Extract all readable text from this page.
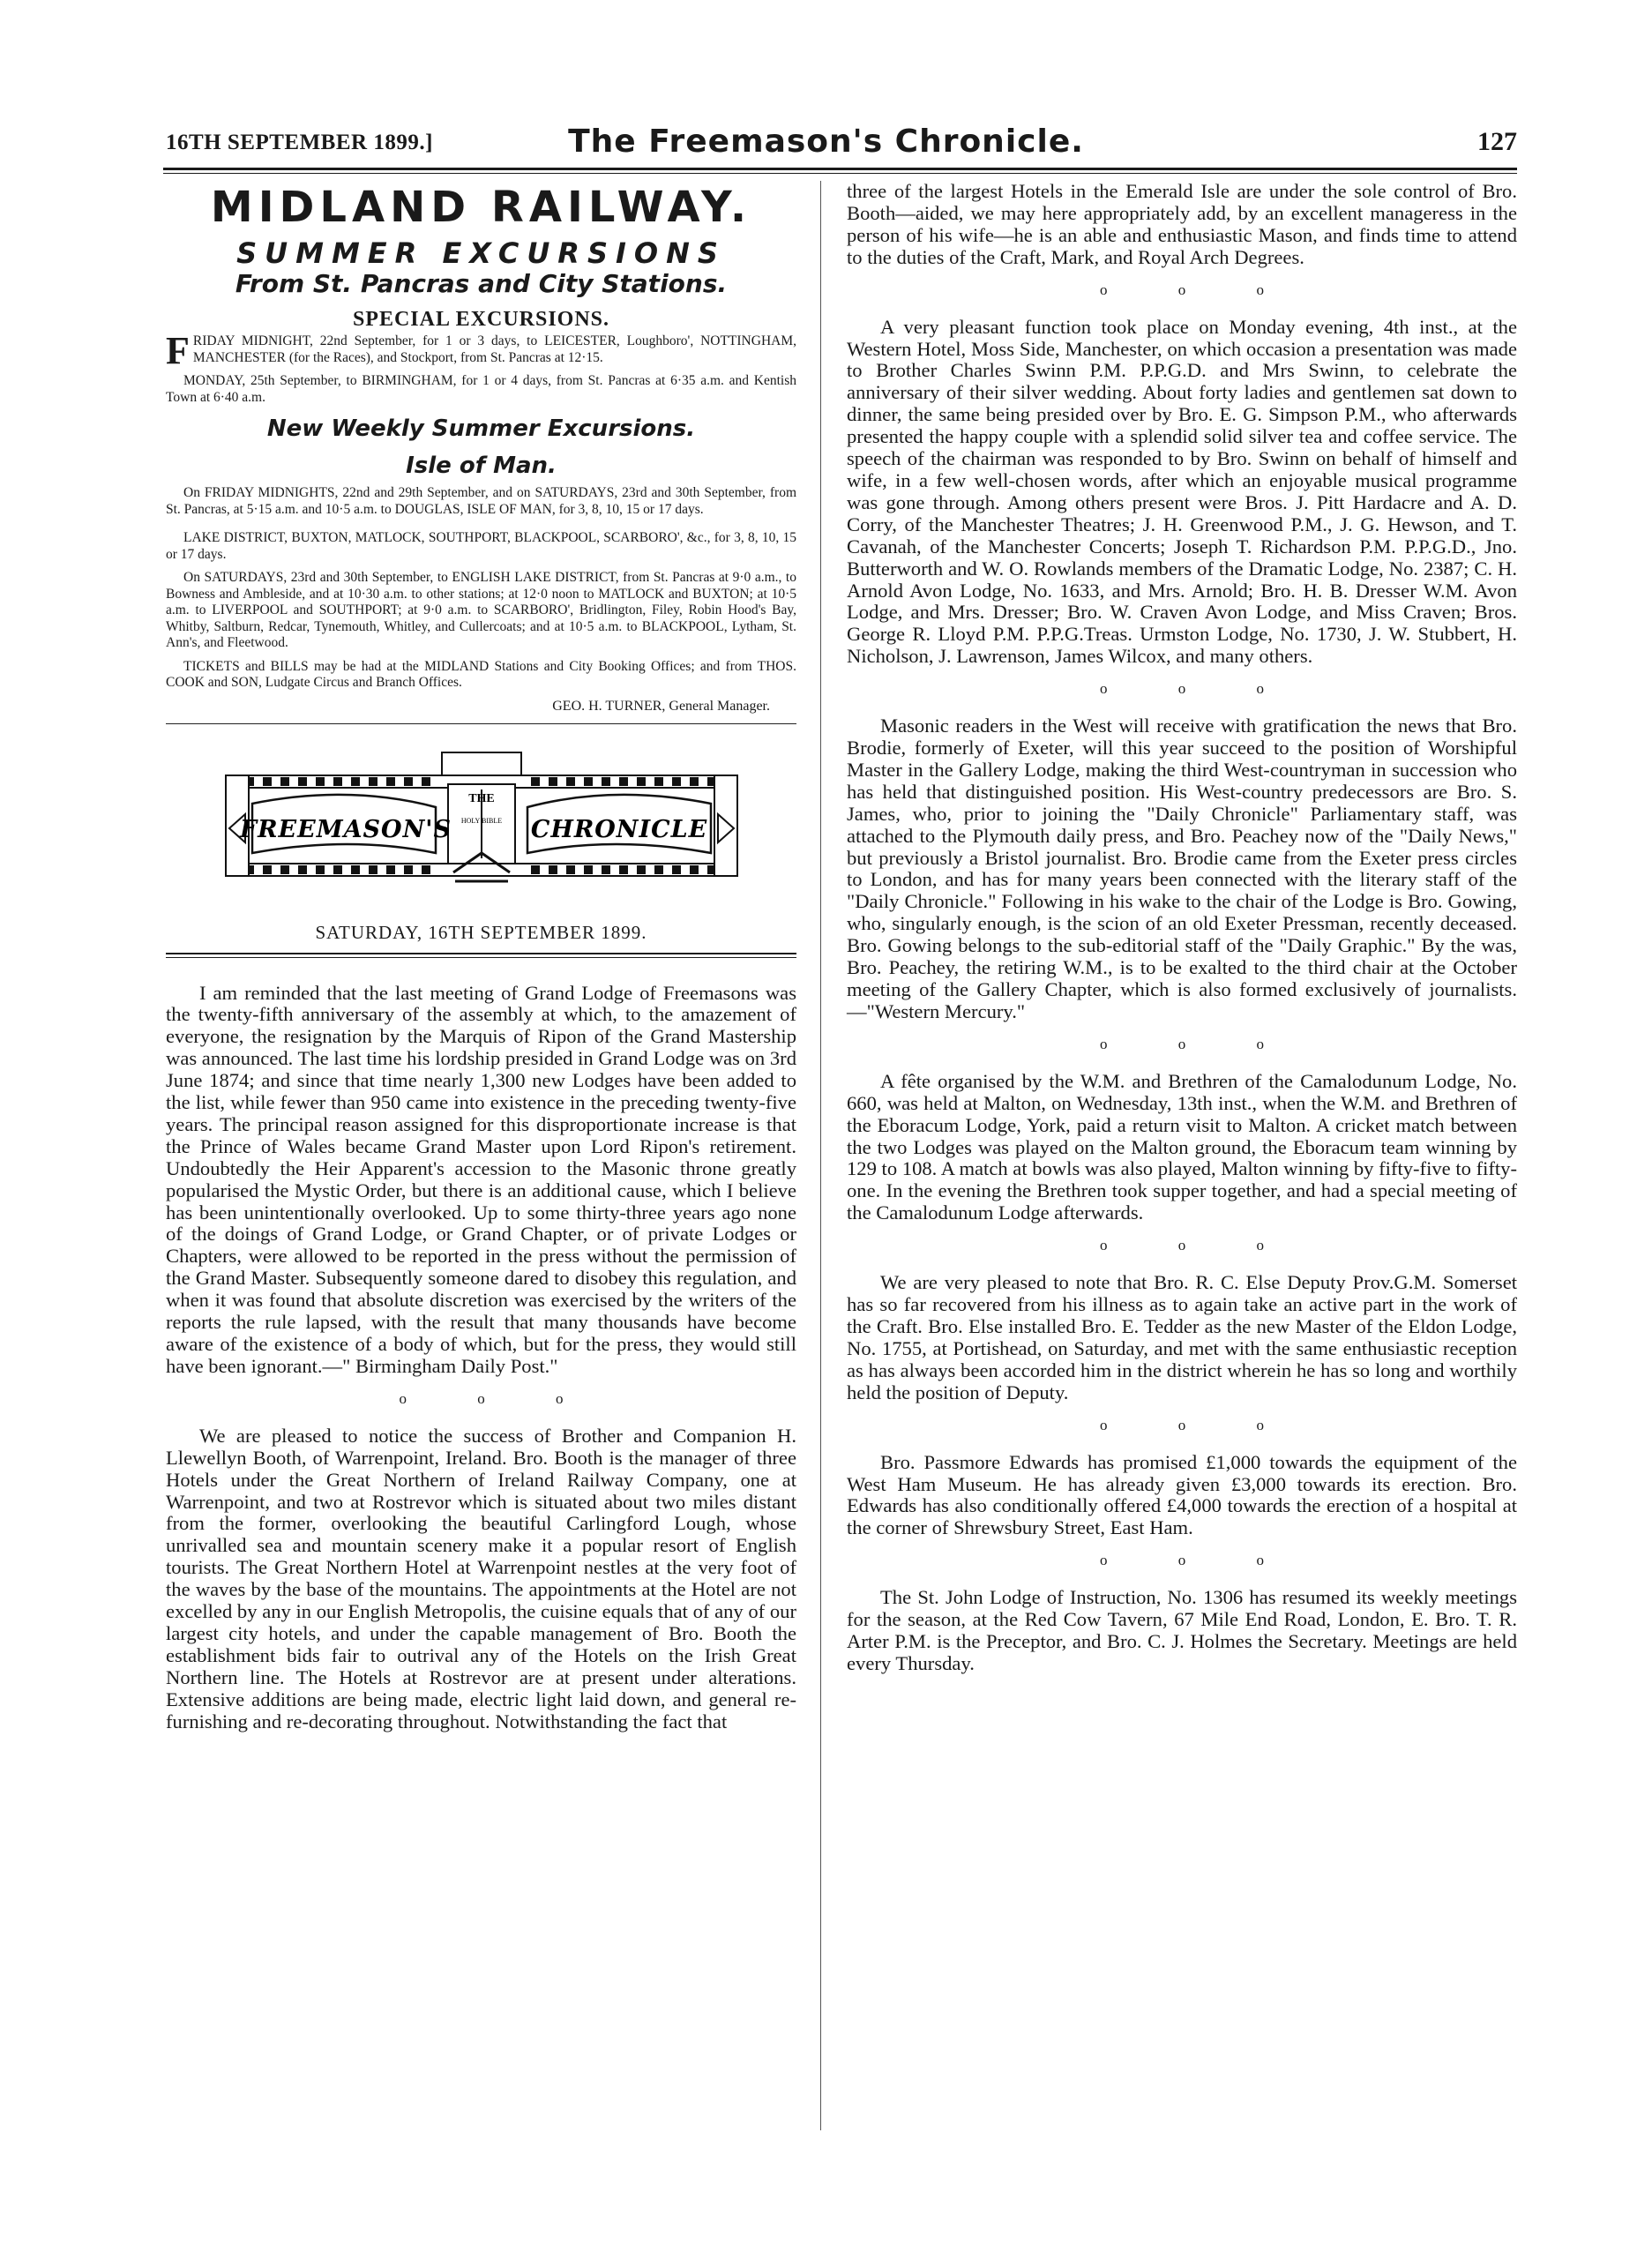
16TH SEPTEMBER 1899.]	The Freemason's Chronicle.	127
MIDLAND RAILWAY.
SUMMER EXCURSIONS
From St. Pancras and City Stations.
SPECIAL EXCURSIONS.

FRIDAY MIDNIGHT, 22nd September, for 1 or 3 days, to LEICESTER, Loughboro', NOTTINGHAM, MANCHESTER (for the Races), and Stockport, from St. Pancras at 12·15.

MONDAY, 25th September, to BIRMINGHAM, for 1 or 4 days, from St. Pancras at 6·35 a.m. and Kentish Town at 6·40 a.m.

New Weekly Summer Excursions.
Isle of Man.

On FRIDAY MIDNIGHTS, 22nd and 29th September, and on SATURDAYS, 23rd and 30th September, from St. Pancras, at 5·15 a.m. and 10·5 a.m. to DOUGLAS, ISLE OF MAN, for 3, 8, 10, 15 or 17 days.

LAKE DISTRICT, BUXTON, MATLOCK, SOUTHPORT, BLACKPOOL, SCARBORO', &c., for 3, 8, 10, 15 or 17 days.

On SATURDAYS, 23rd and 30th September, to ENGLISH LAKE DISTRICT, from St. Pancras at 9·0 a.m., to Bowness and Ambleside, and at 10·30 a.m. to other stations; at 12·0 noon to MATLOCK and BUXTON; at 10·5 a.m. to LIVERPOOL and SOUTHPORT; at 9·0 a.m. to SCARBORO', Bridlington, Filey, Robin Hood's Bay, Whitby, Saltburn, Redcar, Tynemouth, Whitley, and Cullercoats; and at 10·5 a.m. to BLACKPOOL, Lytham, St. Ann's, and Fleetwood.

TICKETS and BILLS may be had at the MIDLAND Stations and City Booking Offices; and from THOS. COOK and SON, Ludgate Circus and Branch Offices.

GEO. H. TURNER, General Manager.
THE
HOLY BIBLE
FREEMASON'S	CHRONICLE
SATURDAY, 16TH SEPTEMBER 1899.

I am reminded that the last meeting of Grand Lodge of Freemasons was the twenty-fifth anniversary of the assembly at which, to the amazement of everyone, the resignation by the Marquis of Ripon of the Grand Mastership was announced. The last time his lordship presided in Grand Lodge was on 3rd June 1874; and since that time nearly 1,300 new Lodges have been added to the list, while fewer than 950 came into existence in the preceding twenty-five years. The principal reason assigned for this disproportionate increase is that the Prince of Wales became Grand Master upon Lord Ripon's retirement. Undoubtedly the Heir Apparent's accession to the Masonic throne greatly popularised the Mystic Order, but there is an additional cause, which I believe has been unintentionally overlooked. Up to some thirty-three years ago none of the doings of Grand Lodge, or Grand Chapter, or of private Lodges or Chapters, were allowed to be reported in the press without the permission of the Grand Master. Subsequently someone dared to disobey this regulation, and when it was found that absolute discretion was exercised by the writers of the reports the rule lapsed, with the result that many thousands have become aware of the existence of a body of which, but for the press, they would still have been ignorant.—" Birmingham Daily Post."

o o o

We are pleased to notice the success of Brother and Companion H. Llewellyn Booth, of Warrenpoint, Ireland. Bro. Booth is the manager of three Hotels under the Great Northern of Ireland Railway Company, one at Warrenpoint, and two at Rostrevor which is situated about two miles distant from the former, overlooking the beautiful Carlingford Lough, whose unrivalled sea and mountain scenery make it a popular resort of English tourists. The Great Northern Hotel at Warrenpoint nestles at the very foot of the waves by the base of the mountains. The appointments at the Hotel are not excelled by any in our English Metropolis, the cuisine equals that of any of our largest city hotels, and under the capable management of Bro. Booth the establishment bids fair to outrival any of the Hotels on the Irish Great Northern line. The Hotels at Rostrevor are at present under alterations. Extensive additions are being made, electric light laid down, and general re-furnishing and re-decorating throughout. Notwithstanding the fact that

three of the largest Hotels in the Emerald Isle are under the sole control of Bro. Booth—aided, we may here appropriately add, by an excellent manageress in the person of his wife—he is an able and enthusiastic Mason, and finds time to attend to the duties of the Craft, Mark, and Royal Arch Degrees.

o o o

A very pleasant function took place on Monday evening, 4th inst., at the Western Hotel, Moss Side, Manchester, on which occasion a presentation was made to Brother Charles Swinn P.M. P.P.G.D. and Mrs Swinn, to celebrate the anniversary of their silver wedding. About forty ladies and gentlemen sat down to dinner, the same being presided over by Bro. E. G. Simpson P.M., who afterwards presented the happy couple with a splendid solid silver tea and coffee service. The speech of the chairman was responded to by Bro. Swinn on behalf of himself and wife, in a few well-chosen words, after which an enjoyable musical programme was gone through. Among others present were Bros. J. Pitt Hardacre and A. D. Corry, of the Manchester Theatres; J. H. Greenwood P.M., J. G. Hewson, and T. Cavanah, of the Manchester Concerts; Joseph T. Richardson P.M. P.P.G.D., Jno. Butterworth and W. O. Rowlands members of the Dramatic Lodge, No. 2387; C. H. Arnold Avon Lodge, No. 1633, and Mrs. Arnold; Bro. H. B. Dresser W.M. Avon Lodge, and Mrs. Dresser; Bro. W. Craven Avon Lodge, and Miss Craven; Bros. George R. Lloyd P.M. P.P.G.Treas. Urmston Lodge, No. 1730, J. W. Stubbert, H. Nicholson, J. Lawrenson, James Wilcox, and many others.

o o o

Masonic readers in the West will receive with gratification the news that Bro. Brodie, formerly of Exeter, will this year succeed to the position of Worshipful Master in the Gallery Lodge, making the third West-countryman in succession who has held that distinguished position. His West-country predecessors are Bro. S. James, who, prior to joining the "Daily Chronicle" Parliamentary staff, was attached to the Plymouth daily press, and Bro. Peachey now of the "Daily News," but previously a Bristol journalist. Bro. Brodie came from the Exeter press circles to London, and has for many years been connected with the literary staff of the "Daily Chronicle." Following in his wake to the chair of the Lodge is Bro. Gowing, who, singularly enough, is the scion of an old Exeter Pressman, recently deceased. Bro. Gowing belongs to the sub-editorial staff of the "Daily Graphic." By the was, Bro. Peachey, the retiring W.M., is to be exalted to the third chair at the October meeting of the Gallery Chapter, which is also formed exclusively of journalists.—"Western Mercury."

o o o

A fête organised by the W.M. and Brethren of the Camalodunum Lodge, No. 660, was held at Malton, on Wednesday, 13th inst., when the W.M. and Brethren of the Eboracum Lodge, York, paid a return visit to Malton. A cricket match between the two Lodges was played on the Malton ground, the Eboracum team winning by 129 to 108. A match at bowls was also played, Malton winning by fifty-five to fifty-one. In the evening the Brethren took supper together, and had a special meeting of the Camalodunum Lodge afterwards.

o o o

We are very pleased to note that Bro. R. C. Else Deputy Prov.G.M. Somerset has so far recovered from his illness as to again take an active part in the work of the Craft. Bro. Else installed Bro. E. Tedder as the new Master of the Eldon Lodge, No. 1755, at Portishead, on Saturday, and met with the same enthusiastic reception as has always been accorded him in the district wherein he has so long and worthily held the position of Deputy.

o o o

Bro. Passmore Edwards has promised £1,000 towards the equipment of the West Ham Museum. He has already given £3,000 towards its erection. Bro. Edwards has also conditionally offered £4,000 towards the erection of a hospital at the corner of Shrewsbury Street, East Ham.

o o o

The St. John Lodge of Instruction, No. 1306 has resumed its weekly meetings for the season, at the Red Cow Tavern, 67 Mile End Road, London, E. Bro. T. R. Arter P.M. is the Preceptor, and Bro. C. J. Holmes the Secretary. Meetings are held every Thursday.
